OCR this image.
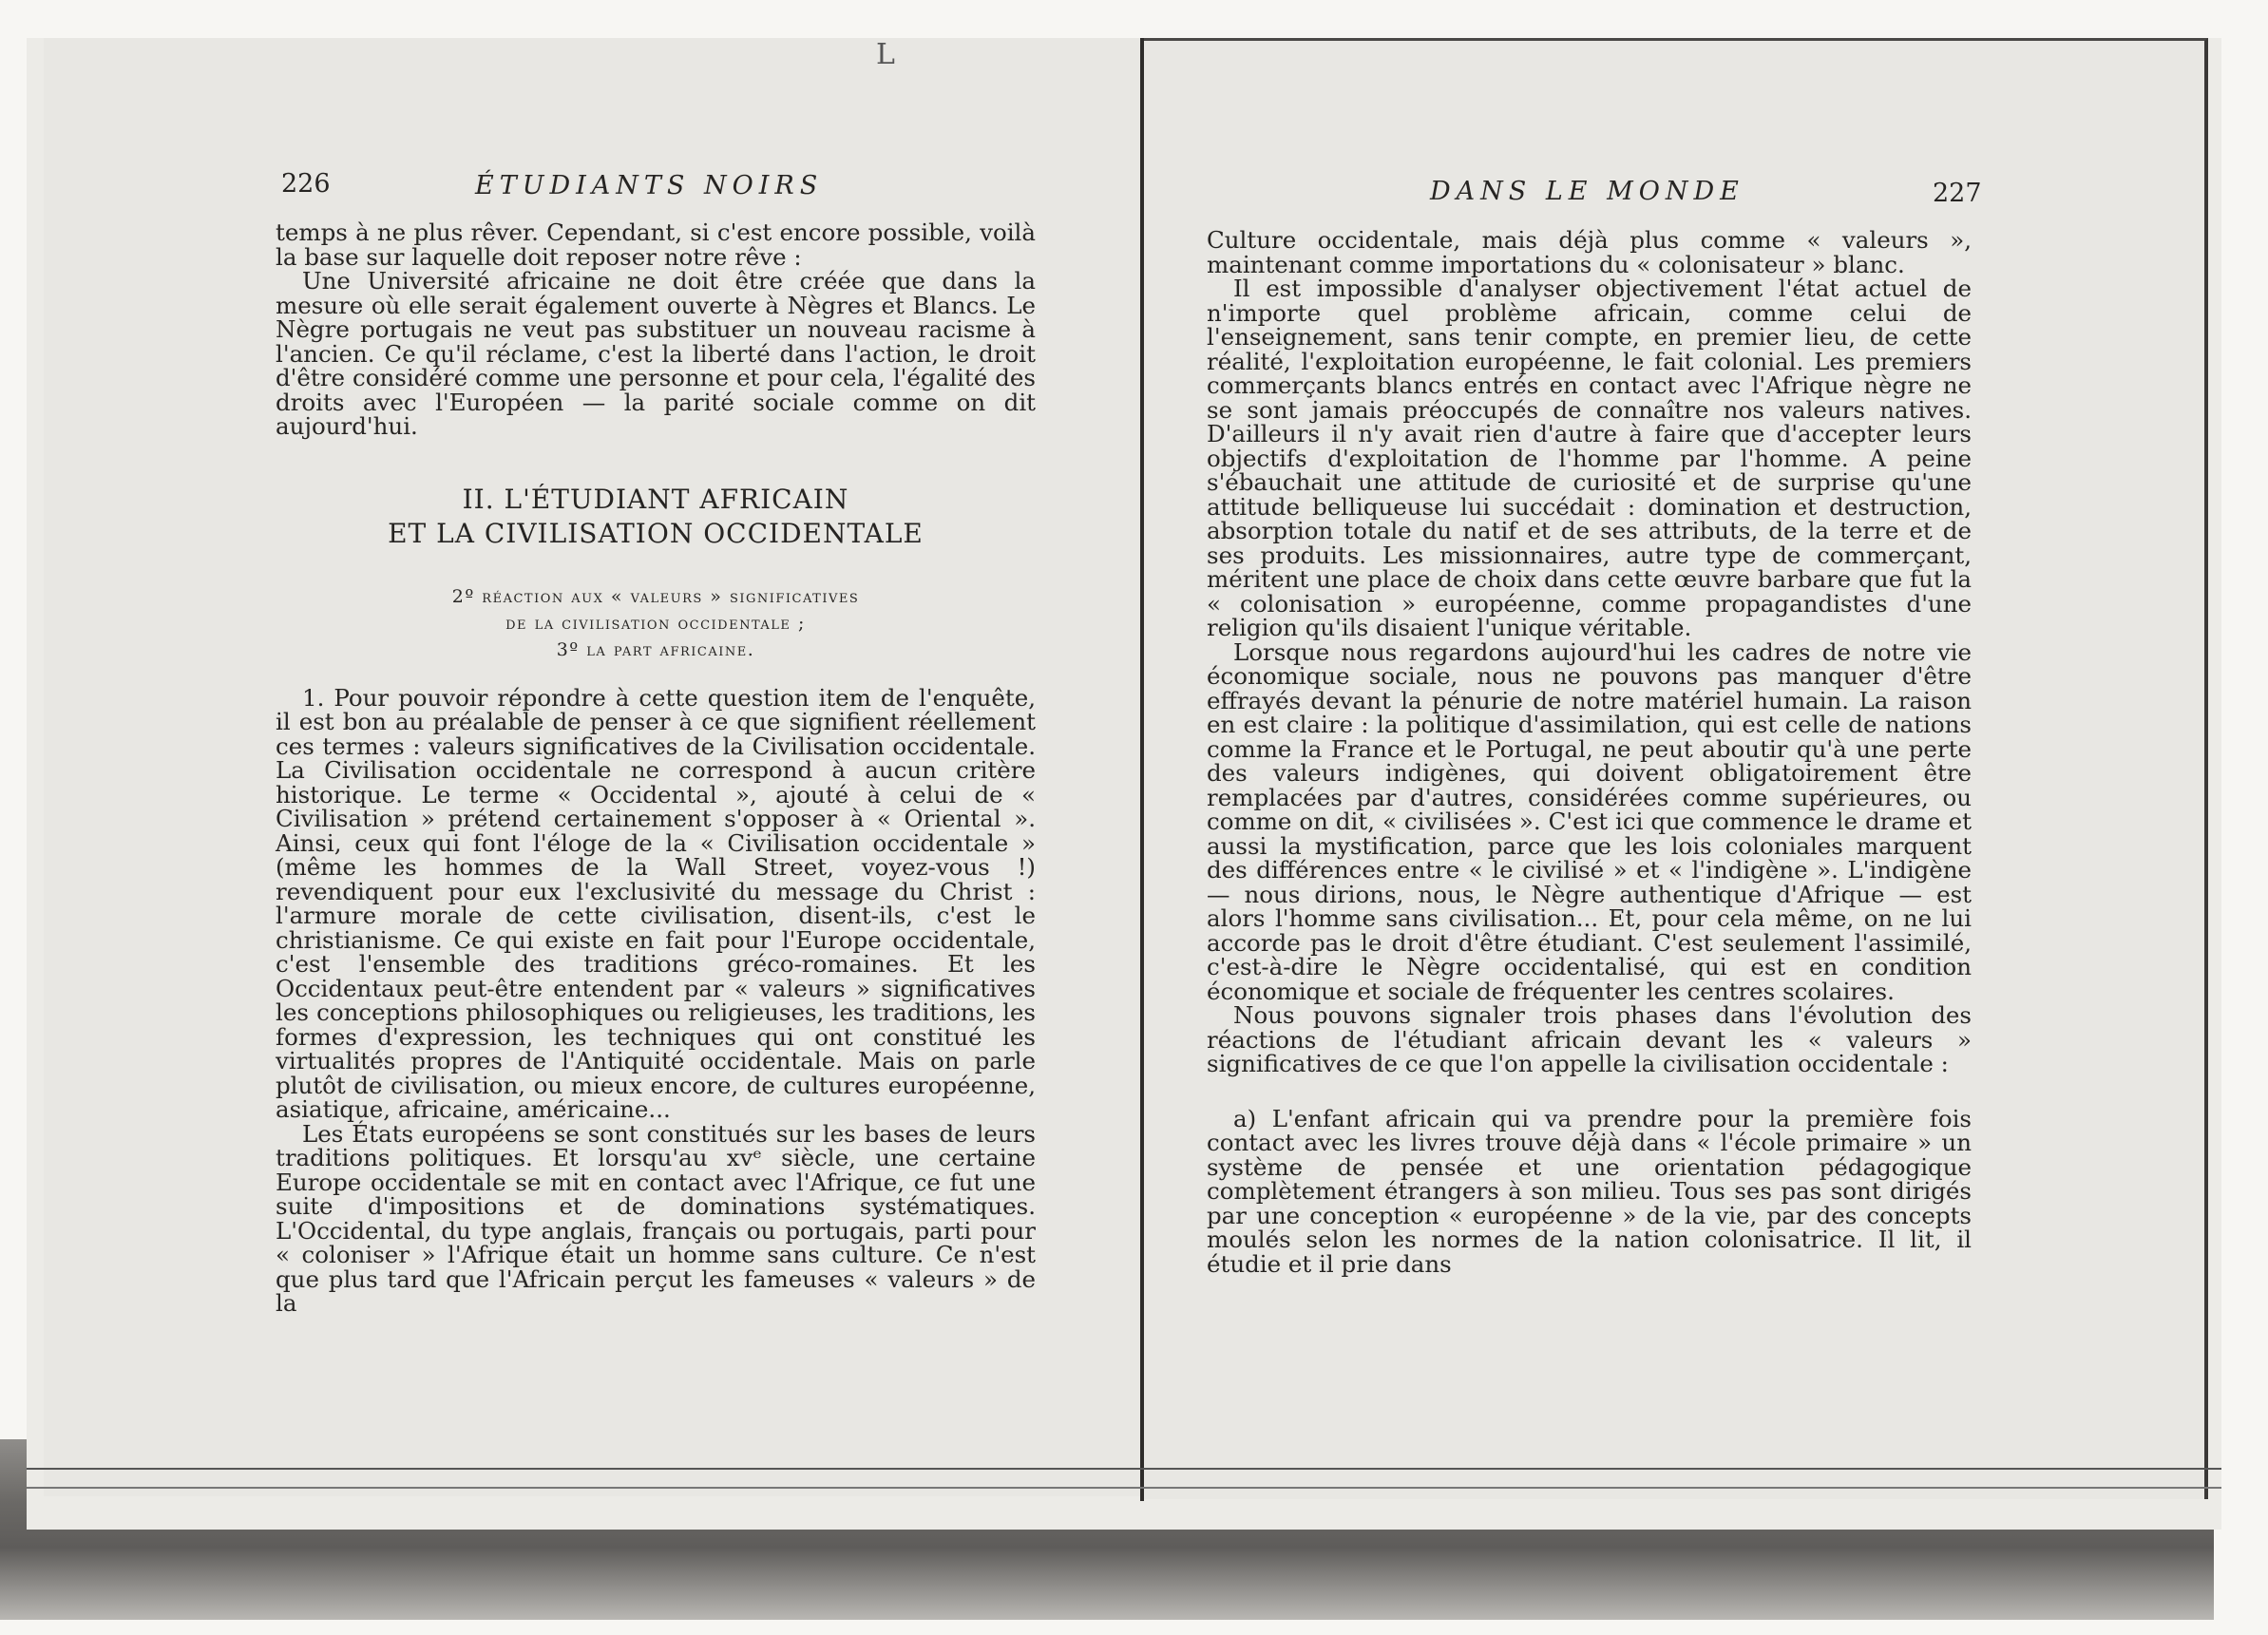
L
226	ÉTUDIANTS NOIRS	DANS LE MONDE	227

temps à ne plus rêver. Cependant, si c'est encore possible, voilà la base sur laquelle doit reposer notre rêve :

Une Université africaine ne doit être créée que dans la mesure où elle serait également ouverte à Nègres et Blancs. Le Nègre portugais ne veut pas substituer un nouveau racisme à l'ancien. Ce qu'il réclame, c'est la liberté dans l'action, le droit d'être considéré comme une personne et pour cela, l'égalité des droits avec l'Européen — la parité sociale comme on dit aujourd'hui.

II. L'ÉTUDIANT AFRICAIN
ET LA CIVILISATION OCCIDENTALE
2º réaction aux « valeurs » significatives
de la civilisation occidentale ;
3º la part africaine.

1. Pour pouvoir répondre à cette question item de l'enquête, il est bon au préalable de penser à ce que signifient réellement ces termes : valeurs significatives de la Civilisation occidentale. La Civilisation occidentale ne correspond à aucun critère historique. Le terme « Occidental », ajouté à celui de « Civilisation » prétend certainement s'opposer à « Oriental ». Ainsi, ceux qui font l'éloge de la « Civilisation occidentale » (même les hommes de la Wall Street, voyez-vous !) revendiquent pour eux l'exclusivité du message du Christ : l'armure morale de cette civilisation, disent-ils, c'est le christianisme. Ce qui existe en fait pour l'Europe occidentale, c'est l'ensemble des traditions gréco-romaines. Et les Occidentaux peut-être entendent par « valeurs » significatives les conceptions philosophiques ou religieuses, les traditions, les formes d'expression, les techniques qui ont constitué les virtualités propres de l'Antiquité occidentale. Mais on parle plutôt de civilisation, ou mieux encore, de cultures européenne, asiatique, africaine, américaine...

Les États européens se sont constitués sur les bases de leurs traditions politiques. Et lorsqu'au xvᵉ siècle, une certaine Europe occidentale se mit en contact avec l'Afrique, ce fut une suite d'impositions et de dominations systématiques. L'Occidental, du type anglais, français ou portugais, parti pour « coloniser » l'Afrique était un homme sans culture. Ce n'est que plus tard que l'Africain perçut les fameuses « valeurs » de la

Culture occidentale, mais déjà plus comme « valeurs », maintenant comme importations du « colonisateur » blanc.

Il est impossible d'analyser objectivement l'état actuel de n'importe quel problème africain, comme celui de l'enseignement, sans tenir compte, en premier lieu, de cette réalité, l'exploitation européenne, le fait colonial. Les premiers commerçants blancs entrés en contact avec l'Afrique nègre ne se sont jamais préoccupés de connaître nos valeurs natives. D'ailleurs il n'y avait rien d'autre à faire que d'accepter leurs objectifs d'exploitation de l'homme par l'homme. A peine s'ébauchait une attitude de curiosité et de surprise qu'une attitude belliqueuse lui succédait : domination et destruction, absorption totale du natif et de ses attributs, de la terre et de ses produits. Les missionnaires, autre type de commerçant, méritent une place de choix dans cette œuvre barbare que fut la « colonisation » européenne, comme propagandistes d'une religion qu'ils disaient l'unique véritable.

Lorsque nous regardons aujourd'hui les cadres de notre vie économique sociale, nous ne pouvons pas manquer d'être effrayés devant la pénurie de notre matériel humain. La raison en est claire : la politique d'assimilation, qui est celle de nations comme la France et le Portugal, ne peut aboutir qu'à une perte des valeurs indigènes, qui doivent obligatoirement être remplacées par d'autres, considérées comme supérieures, ou comme on dit, « civilisées ». C'est ici que commence le drame et aussi la mystification, parce que les lois coloniales marquent des différences entre « le civilisé » et « l'indigène ». L'indigène — nous dirions, nous, le Nègre authentique d'Afrique — est alors l'homme sans civilisation... Et, pour cela même, on ne lui accorde pas le droit d'être étudiant. C'est seulement l'assimilé, c'est-à-dire le Nègre occidentalisé, qui est en condition économique et sociale de fréquenter les centres scolaires.

Nous pouvons signaler trois phases dans l'évolution des réactions de l'étudiant africain devant les « valeurs » significatives de ce que l'on appelle la civilisation occidentale :

a) L'enfant africain qui va prendre pour la première fois contact avec les livres trouve déjà dans « l'école primaire » un système de pensée et une orientation pédagogique complètement étrangers à son milieu. Tous ses pas sont dirigés par une conception « européenne » de la vie, par des concepts moulés selon les normes de la nation colonisatrice. Il lit, il étudie et il prie dans
